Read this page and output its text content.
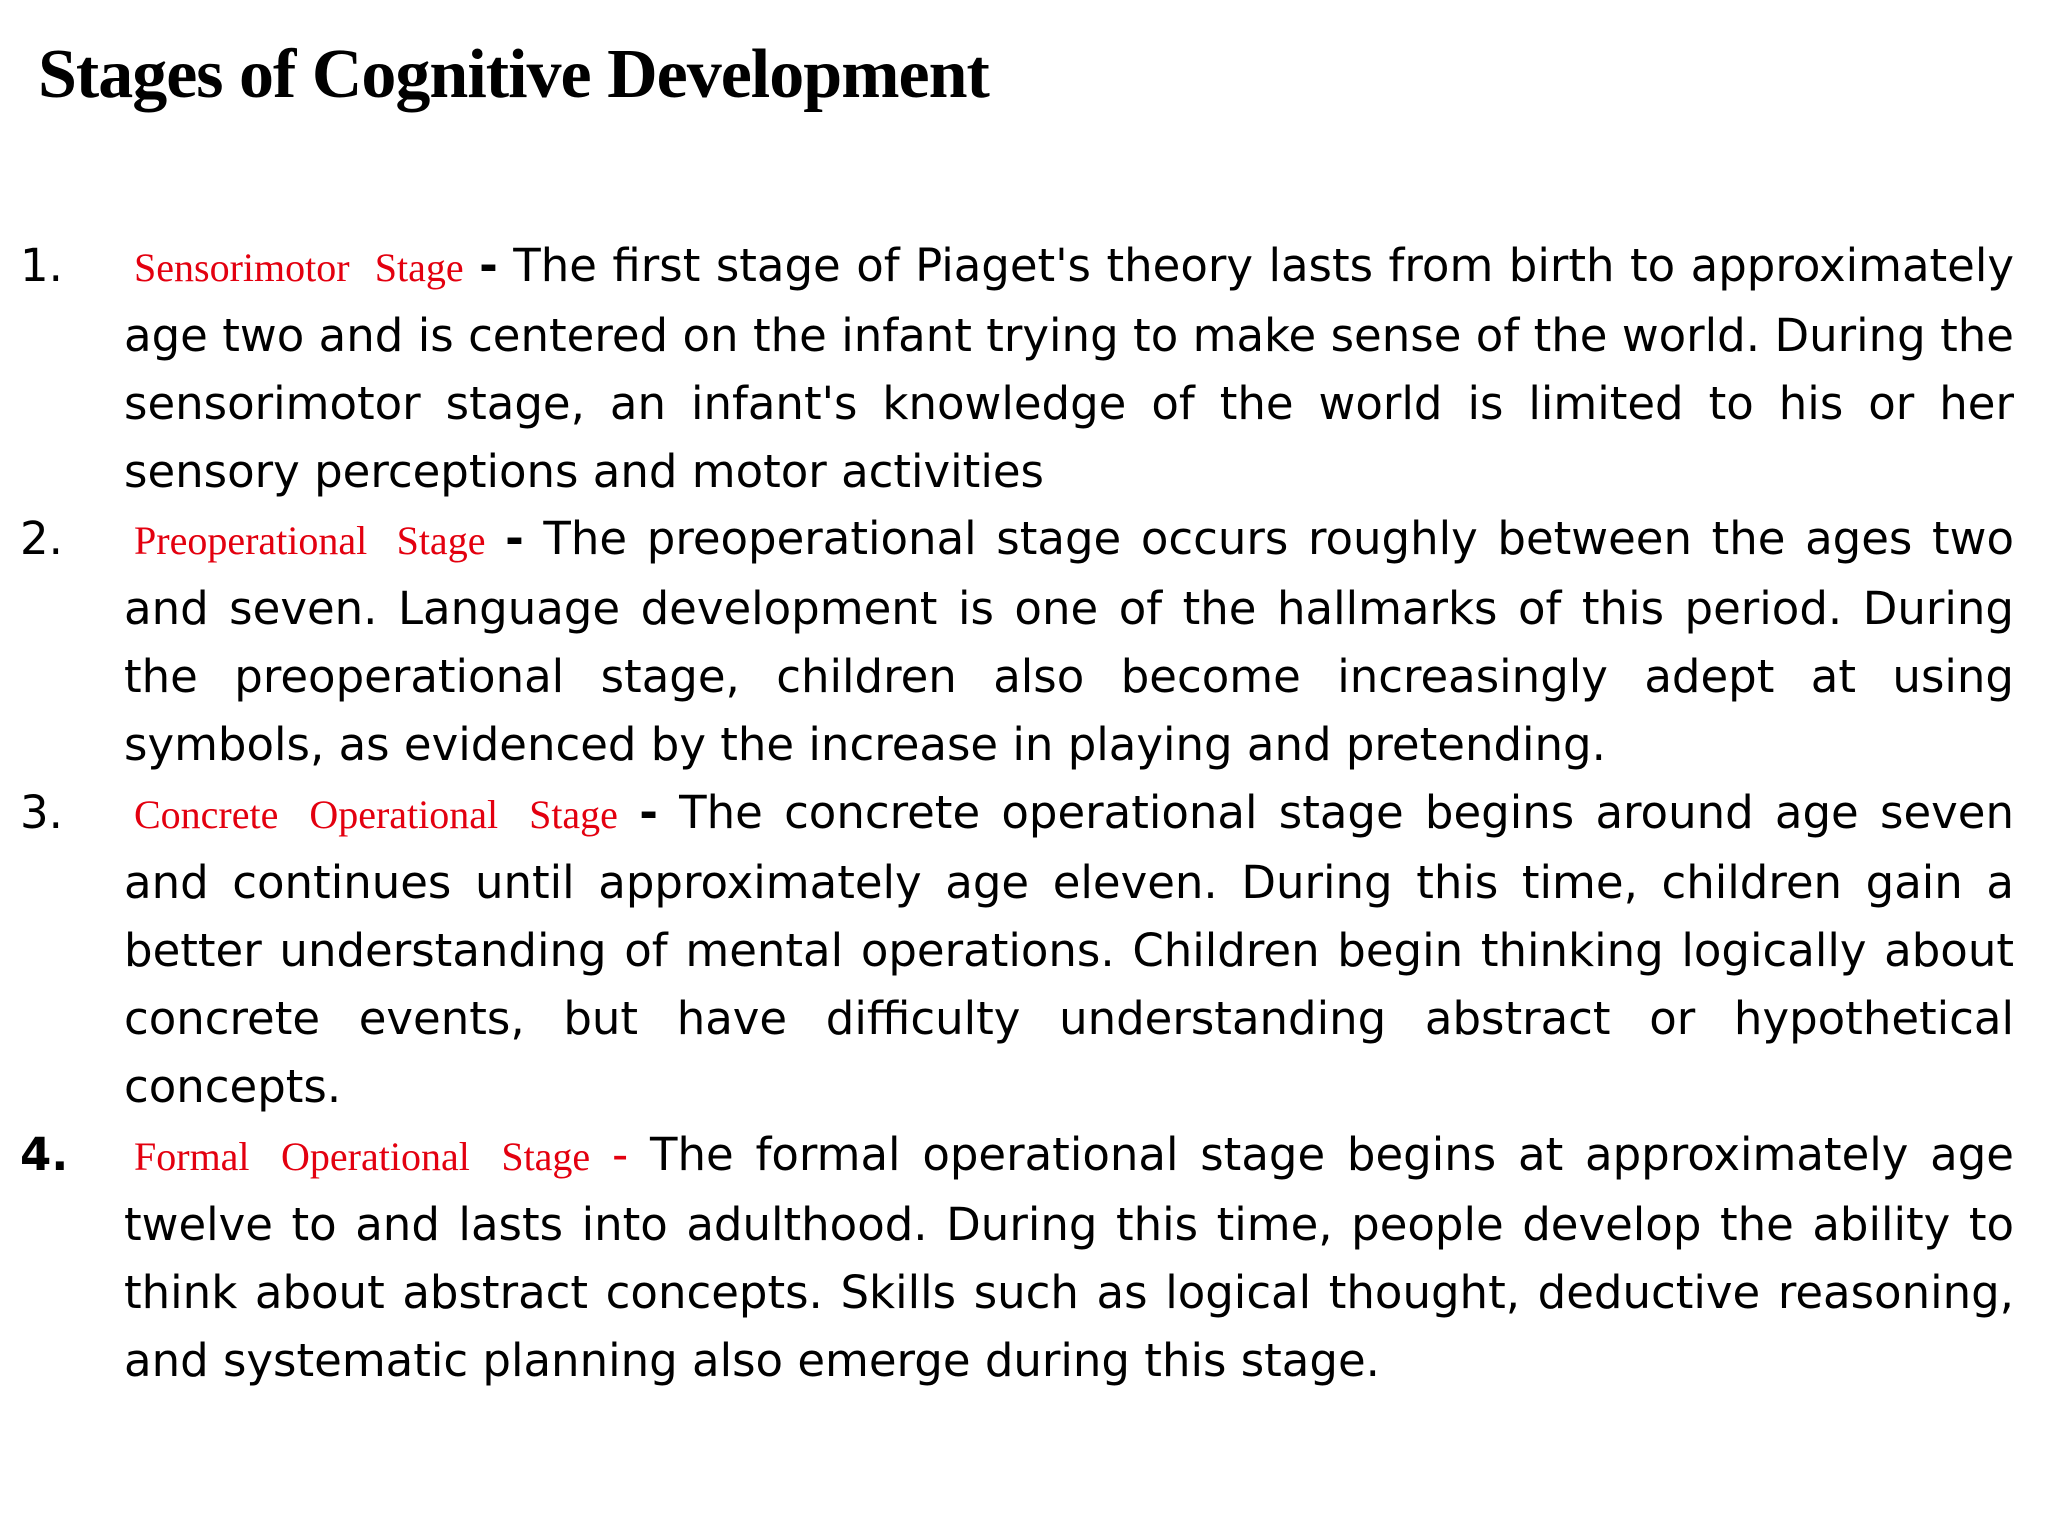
Stages of Cognitive Development
1. Sensorimotor Stage - The first stage of Piaget's theory lasts from birth to approximately age two and is centered on the infant trying to make sense of the world. During the sensorimotor stage, an infant's knowledge of the world is limited to his or her sensory perceptions and motor activities
2. Preoperational Stage - The preoperational stage occurs roughly between the ages two and seven. Language development is one of the hallmarks of this period. During the preoperational stage, children also become increasingly adept at using symbols, as evidenced by the increase in playing and pretending.
3. Concrete Operational Stage - The concrete operational stage begins around age seven and continues until approximately age eleven. During this time, children gain a better understanding of mental operations. Children begin thinking logically about concrete events, but have difficulty understanding abstract or hypothetical concepts.
4. Formal Operational Stage - The formal operational stage begins at approximately age twelve to and lasts into adulthood. During this time, people develop the ability to think about abstract concepts. Skills such as logical thought, deductive reasoning, and systematic planning also emerge during this stage.
